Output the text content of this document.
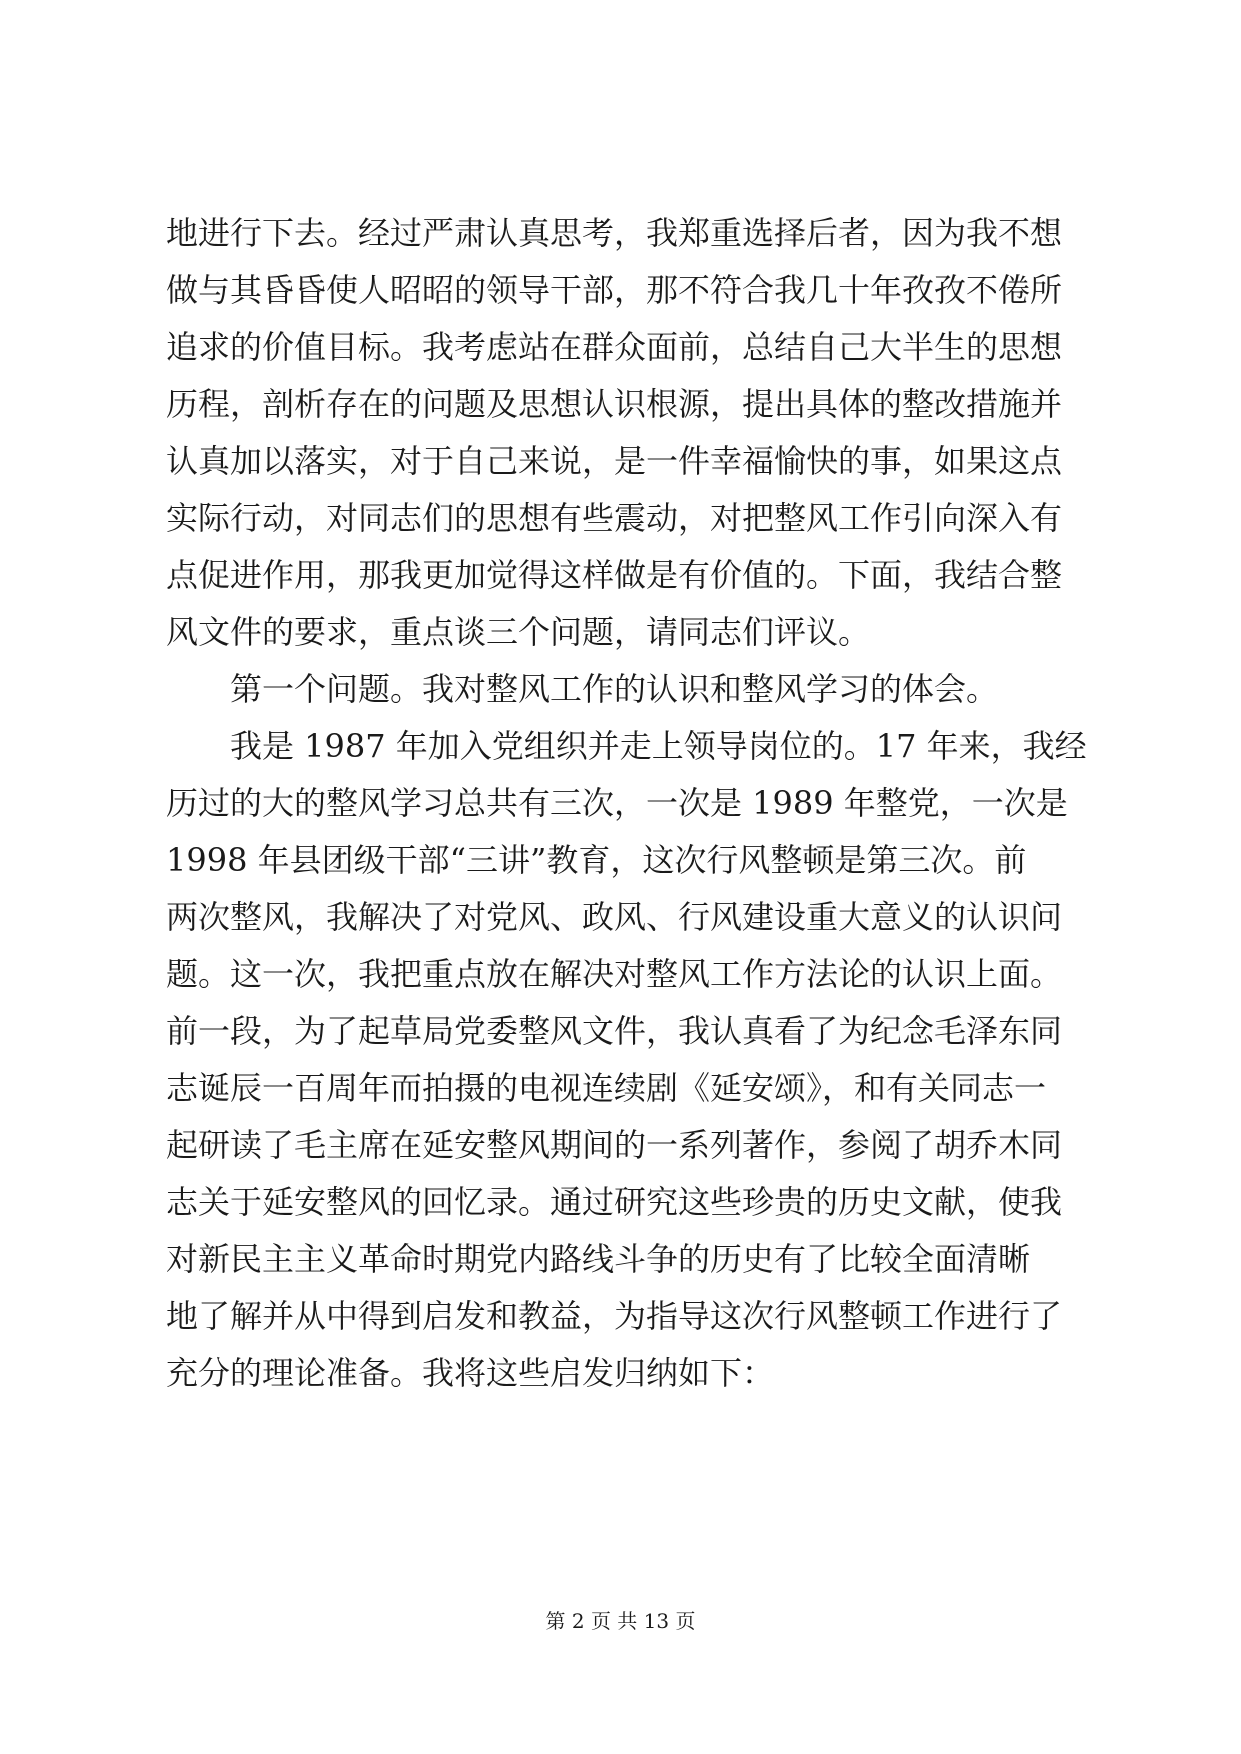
地进行下去。经过严肃认真思考，我郑重选择后者，因为我不想
做与其昏昏使人昭昭的领导干部，那不符合我几十年孜孜不倦所
追求的价值目标。我考虑站在群众面前，总结自己大半生的思想
历程，剖析存在的问题及思想认识根源，提出具体的整改措施并
认真加以落实，对于自己来说，是一件幸福愉快的事，如果这点
实际行动，对同志们的思想有些震动，对把整风工作引向深入有
点促进作用，那我更加觉得这样做是有价值的。下面，我结合整
风文件的要求，重点谈三个问题，请同志们评议。
第一个问题。我对整风工作的认识和整风学习的体会。
我是 1987 年加入党组织并走上领导岗位的。17 年来，我经
历过的大的整风学习总共有三次，一次是 1989 年整党，一次是
1998 年县团级干部“三讲”教育，这次行风整顿是第三次。前
两次整风，我解决了对党风、政风、行风建设重大意义的认识问
题。这一次，我把重点放在解决对整风工作方法论的认识上面。
前一段，为了起草局党委整风文件，我认真看了为纪念毛泽东同
志诞辰一百周年而拍摄的电视连续剧《延安颂》，和有关同志一
起研读了毛主席在延安整风期间的一系列著作，参阅了胡乔木同
志关于延安整风的回忆录。通过研究这些珍贵的历史文献，使我
对新民主主义革命时期党内路线斗争的历史有了比较全面清晰
地了解并从中得到启发和教益，为指导这次行风整顿工作进行了
充分的理论准备。我将这些启发归纳如下：
第 2 页 共 13 页
